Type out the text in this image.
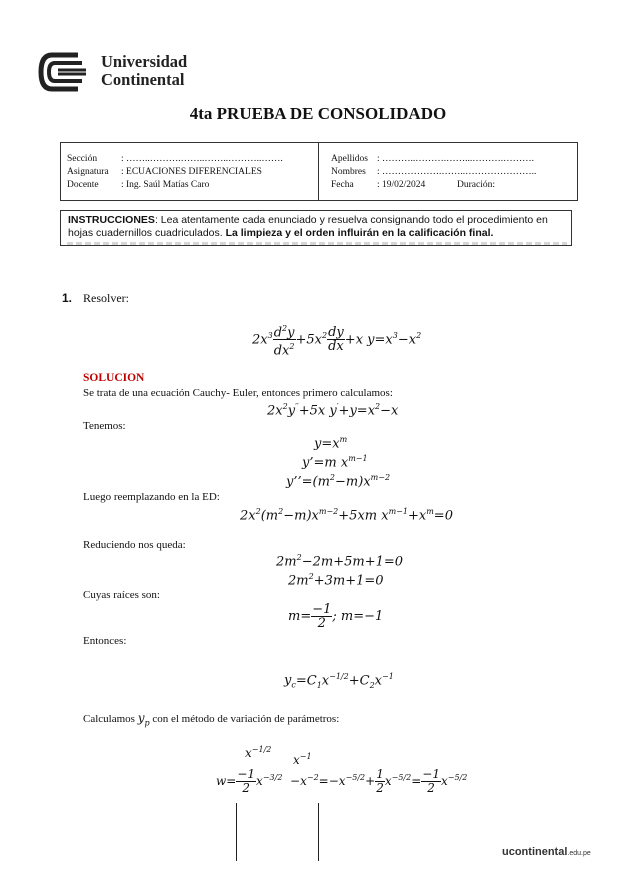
Universidad
Continental
4ta PRUEBA DE CONSOLIDADO
Sección	: ……..……….……..……..………..…….
Asignatura : ECUACIONES DIFERENCIALES
Docente : Ing. Saúl Matías Caro
Apellidos : ………..……….……...……….……….
Nombres : ……………….……..…………………..
Fecha : 19/02/2024	Duración:
INSTRUCCIONES: Lea atentamente cada enunciado y resuelva consignando todo el procedimiento en hojas cuadernillos cuadriculados. La limpieza y el orden influirán en la calificación final.
1. Resolver:
$2x^3 \frac{d^2y}{dx^2} +5x^2 \frac{dy}{dx} +x$ $y=x^3-x^2$
SOLUCION
Se trata de una ecuación Cauchy- Euler, entonces primero calculamos:
$2x^2y''+5x$ $y'+y=x^2-x$
Tenemos:
$y=x^m$
y’=m $x^{m-1}$
$y’’=(m^2-m)x^{m-2}$
Luego reemplazando en la ED:
$2x^2(m^2-m)x^{m-2}+5xm$ $x^{m-1}+x^m=0$
Reduciendo nos queda:
$2m^2-2m+5m+1=0$
$2m^2+3m+1=0$
Cuyas raíces son:
$m= \frac{-1}{2}$ ; m=−1
Entonces:
$y_c=C_1x^{-1/2}+C_2x^{-1}$
Calculamos $y_p$ con el método de variación de parámetros:
$x^{-1/2}$
$x^{-1}$
$w= \frac{-1}{2} x^{-3/2} -x^{-2}=-x^{-5/2}+ \frac{1}{2} x^{-5/2}= \frac{-1}{2} x^{-5/2}$
ucontinental.edu.pe
